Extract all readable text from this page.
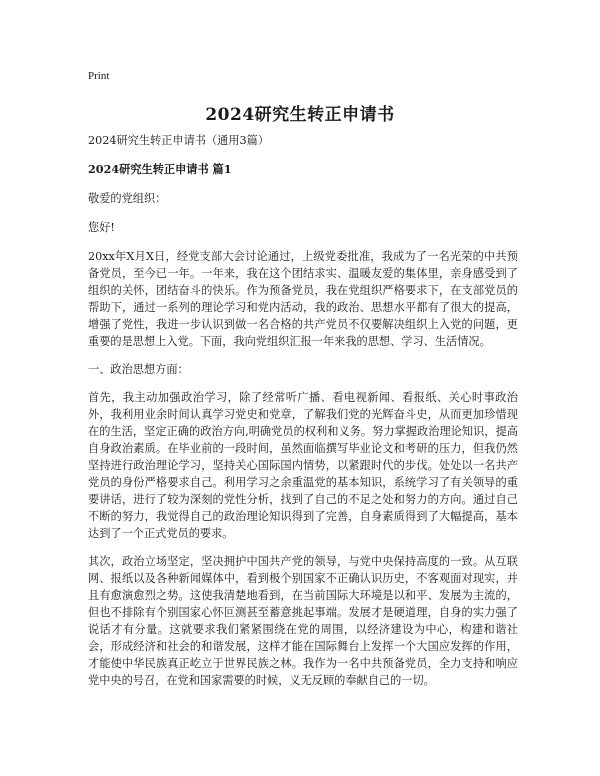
Print
2024研究生转正申请书

2024研究生转正申请书（通用3篇）

2024研究生转正申请书 篇1

敬爱的党组织：

您好!

20xx年X月X日，经党支部大会讨论通过，上级党委批准，我成为了一名光荣的中共预备党员，至今已一年。一年来，我在这个团结求实、温暖友爱的集体里，亲身感受到了组织的关怀，团结奋斗的快乐。作为预备党员，我在党组织严格要求下，在支部党员的帮助下，通过一系列的理论学习和党内活动，我的政治、思想水平都有了很大的提高，增强了党性，我进一步认识到做一名合格的共产党员不仅要解决组织上入党的问题，更重要的是思想上入党。下面，我向党组织汇报一年来我的思想、学习、生活情况。

一、政治思想方面：

首先，我主动加强政治学习，除了经常听广播、看电视新闻、看报纸、关心时事政治外，我利用业余时间认真学习党史和党章，了解我们党的光辉奋斗史，从而更加珍惜现在的生活，坚定正确的政治方向,明确党员的权利和义务。努力掌握政治理论知识，提高自身政治素质。在毕业前的一段时间，虽然面临撰写毕业论文和考研的压力，但我仍然坚持进行政治理论学习，坚持关心国际国内情势，以紧跟时代的步伐。处处以一名共产党员的身份严格要求自己。利用学习之余重温党的基本知识，系统学习了有关领导的重要讲话，进行了较为深刻的党性分析，找到了自己的不足之处和努力的方向。通过自己不断的努力，我觉得自己的政治理论知识得到了完善，自身素质得到了大幅提高，基本达到了一个正式党员的要求。

其次，政治立场坚定，坚决拥护中国共产党的领导，与党中央保持高度的一致。从互联网、报纸以及各种新闻媒体中，看到极个别国家不正确认识历史，不客观面对现实，并且有愈演愈烈之势。这使我清楚地看到，在当前国际大环境是以和平、发展为主流的，但也不排除有个别国家心怀叵测甚至蓄意挑起事端。发展才是硬道理，自身的实力强了说话才有分量。这就要求我们紧紧围绕在党的周围，以经济建设为中心，构建和谐社会，形成经济和社会的和谐发展，这样才能在国际舞台上发挥一个大国应发挥的作用，才能使中华民族真正屹立于世界民族之林。我作为一名中共预备党员，全力支持和响应党中央的号召，在党和国家需要的时候，义无反顾的奉献自己的一切。
